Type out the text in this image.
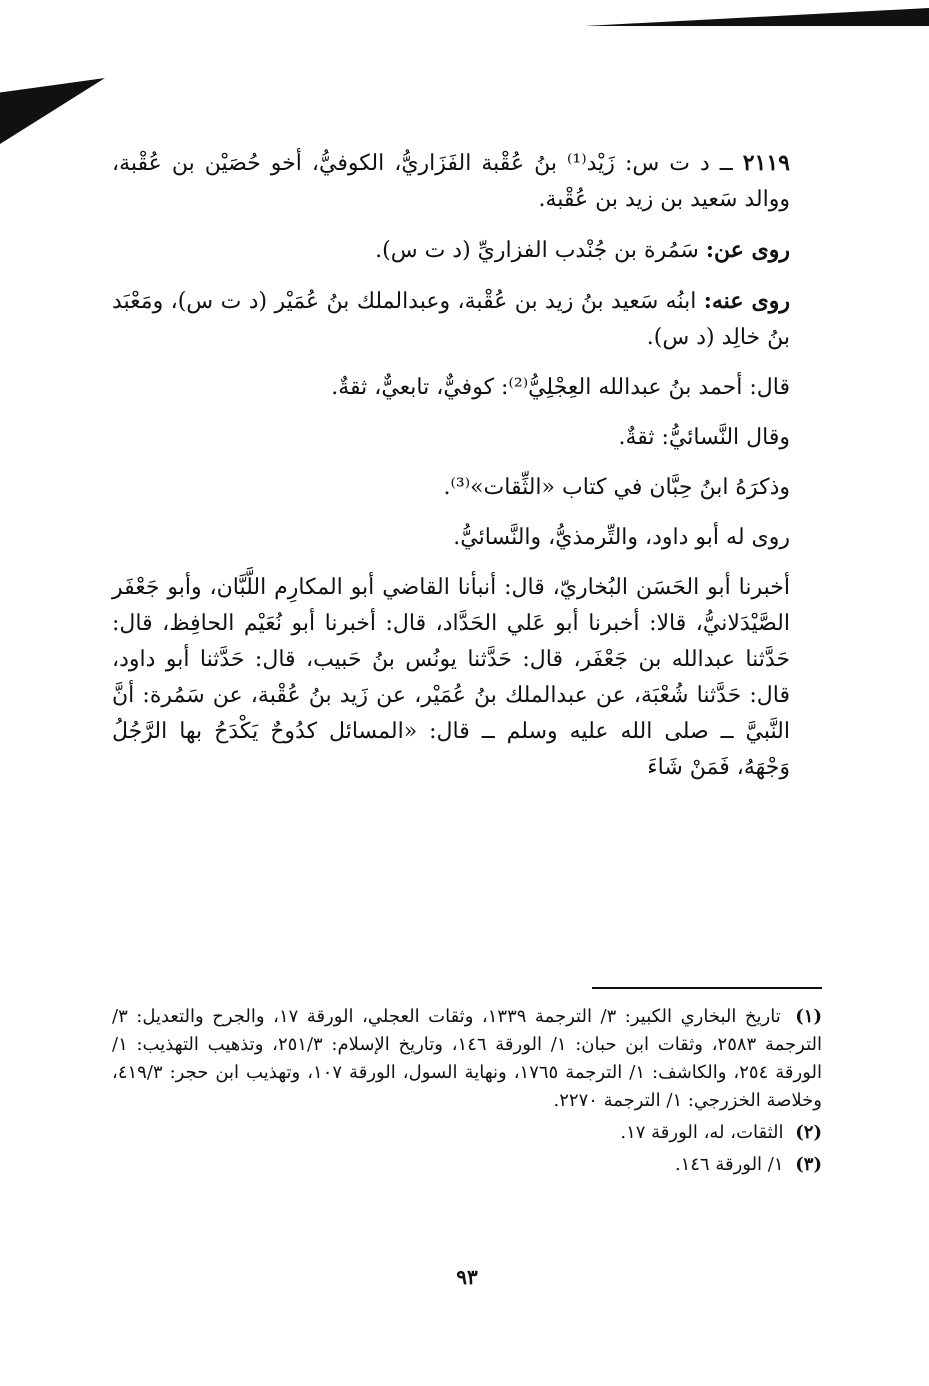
٢١١٩ ــ د ت س: زَيْد⁽¹⁾ بنُ عُقْبة الفَزَاريُّ، الكوفيُّ، أخو حُصَيْن بن عُقْبة، ووالد سَعيد بن زيد بن عُقْبة.

روى عن: سَمُرة بن جُنْدب الفزاريِّ (د ت س).

روى عنه: ابنُه سَعيد بنُ زيد بن عُقْبة، وعبدالملك بنُ عُمَيْر (د ت س)، ومَعْبَد بنُ خالِد (د س).

قال: أحمد بنُ عبدالله العِجْلِيُّ⁽²⁾: كوفيٌّ، تابعيٌّ، ثقةٌ.

وقال النَّسائيُّ: ثقةٌ.

وذكرَهُ ابنُ حِبَّان في كتاب «الثِّقات»⁽³⁾.

روى له أبو داود، والتِّرمذيُّ، والنَّسائيُّ.

أخبرنا أبو الحَسَن البُخاريّ، قال: أنبأنا القاضي أبو المكارِم اللَّبَّان، وأبو جَعْفَر الصَّيْدَلانيُّ، قالا: أخبرنا أبو عَلي الحَدَّاد، قال: أخبرنا أبو نُعَيْم الحافِظ، قال: حَدَّثنا عبدالله بن جَعْفَر، قال: حَدَّثنا يونُس بنُ حَبيب، قال: حَدَّثنا أبو داود، قال: حَدَّثنا شُعْبَة، عن عبدالملك بنُ عُمَيْر، عن زَيد بنُ عُقْبة، عن سَمُرة: أنَّ النَّبيَّ ــ صلى الله عليه وسلم ــ قال: «المسائل كدُوحٌ يَكْدَحُ بها الرَّجُلُ وَجْهَهُ، فَمَنْ شَاءَ

(١) تاريخ البخاري الكبير: ٣/ الترجمة ١٣٣٩، وثقات العجلي، الورقة ١٧، والجرح والتعديل: ٣/ الترجمة ٢٥٨٣، وثقات ابن حبان: ١/ الورقة ١٤٦، وتاريخ الإسلام: ٢٥١/٣، وتذهيب التهذيب: ١/ الورقة ٢٥٤، والكاشف: ١/ الترجمة ١٧٦٥، ونهاية السول، الورقة ١٠٧، وتهذيب ابن حجر: ٤١٩/٣، وخلاصة الخزرجي: ١/ الترجمة ٢٢٧٠.

(٢) الثقات، له، الورقة ١٧.

(٣) ١/ الورقة ١٤٦.

٩٣
